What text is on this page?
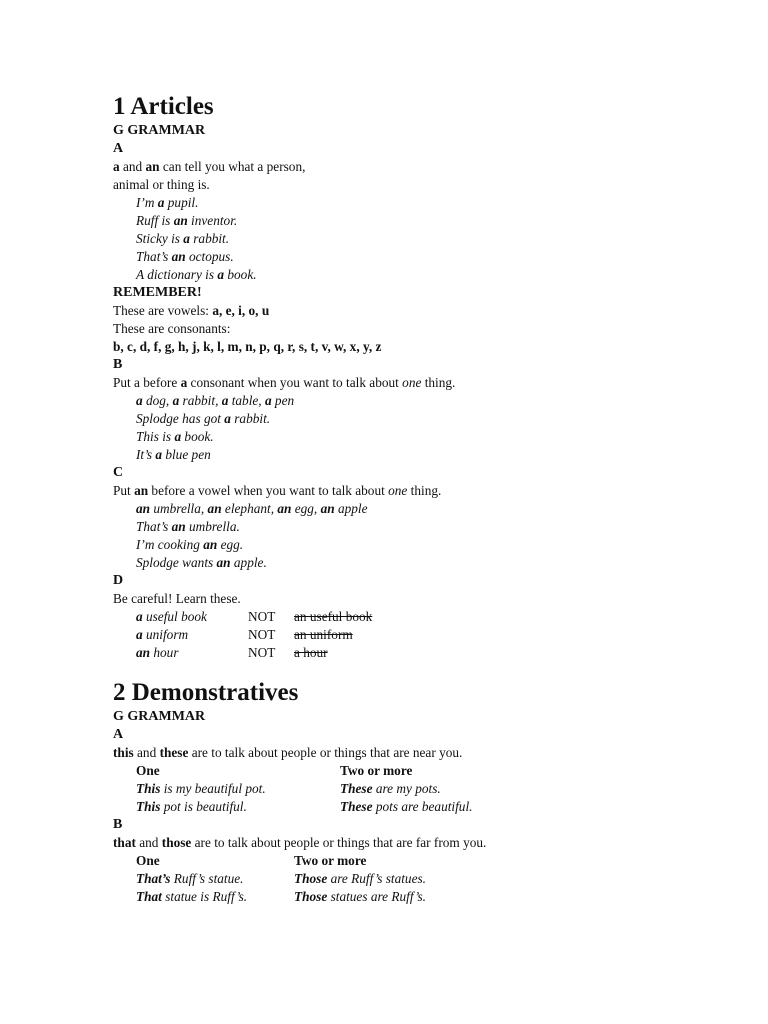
1 Articles
G GRAMMAR
A
a and an can tell you what a person,
animal or thing is.
I’m a pupil.
Ruff is an inventor.
Sticky is a rabbit.
That’s an octopus.
A dictionary is a book.
REMEMBER!
These are vowels: a, e, i, o, u
These are consonants:
b, c, d, f, g, h, j, k, l, m, n, p, q, r, s, t, v, w, x, y, z
B
Put a before a consonant when you want to talk about one thing.
a dog, a rabbit, a table, a pen
Splodge has got a rabbit.
This is a book.
It’s a blue pen
C
Put an before a vowel when you want to talk about one thing.
an umbrella, an elephant, an egg, an apple
That’s an umbrella.
I’m cooking an egg.
Splodge wants an apple.
D
Be careful! Learn these.
a useful book	NOT	an useful book
a uniform	NOT	an uniform
an hour	NOT	a hour
2 Demonstratives
G GRAMMAR
A
this and these are to talk about people or things that are near you.
One	Two or more
This is my beautiful pot.	These are my pots.
This pot is beautiful.	These pots are beautiful.
B
that and those are to talk about people or things that are far from you.
One	Two or more
That’s Ruff’s statue.	Those are Ruff’s statues.
That statue is Ruff’s.	Those statues are Ruff’s.
